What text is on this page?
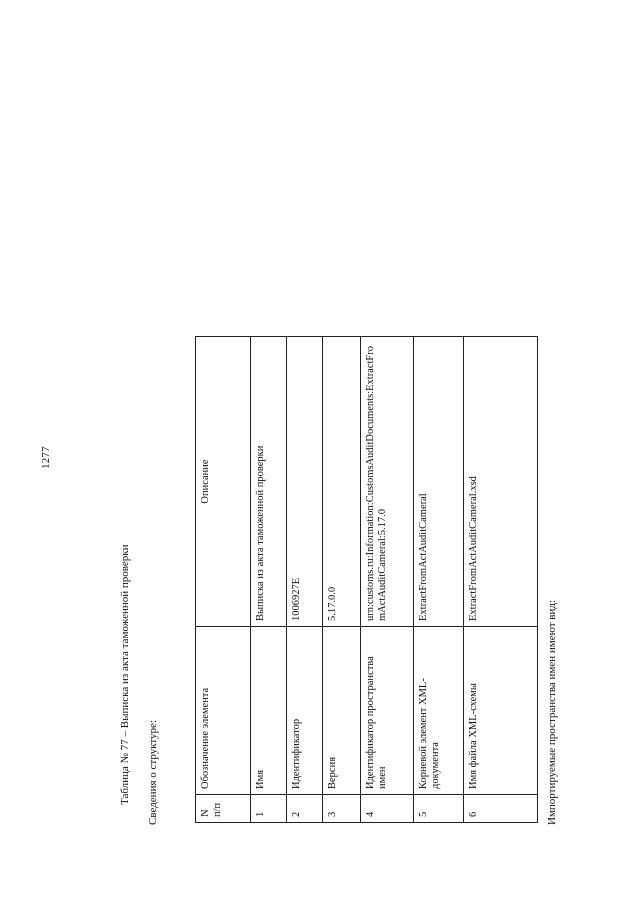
1277
Таблица № 77 – Выписка из акта таможенной проверки Сведения о структуре:	N п/п	Обозначение элемента	Описание
1	Имя	Выписка из акта таможенной проверки
2	Идентификатор	1006927E
3	Версия	5.17.0.0
4	Идентификатор пространства имен	urn:customs.ru:Information:CustomsAuditDocuments:ExtractFromActAuditCameral:5.17.0
5	Корневой элемент XML-документа	ExtractFromActAuditCameral
6	Имя файла XML-схемы	ExtractFromActAuditCameral.xsd
Импортируемые пространства имен имеют вид:
